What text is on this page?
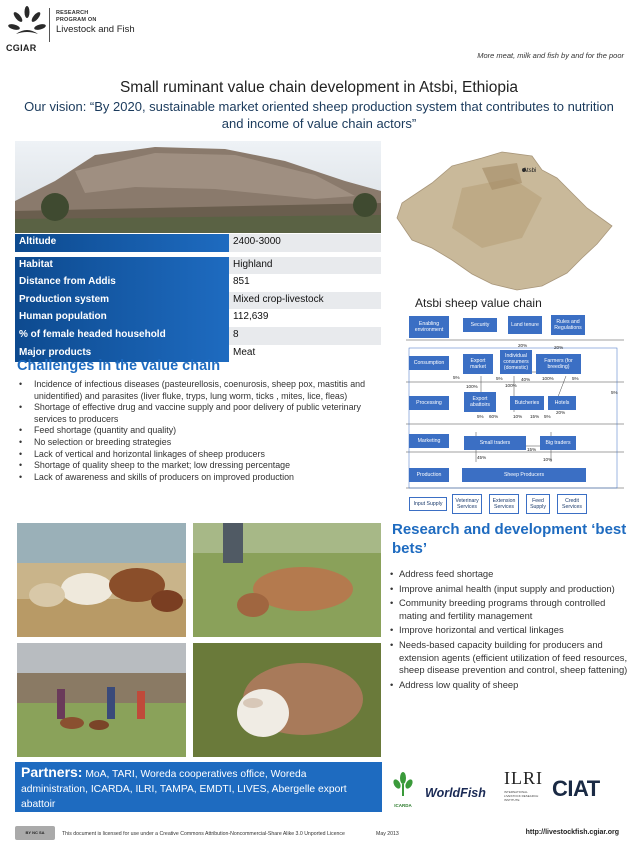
RESEARCH
PROGRAM ON
Livestock and Fish
CGIAR
More meat, milk and fish by and for the poor
Small ruminant value chain development in Atsbi, Ethiopia
Our vision: “By 2020, sustainable market oriented sheep production system that contributes to nutrition and income of value chain actors”
Altitude	2400-3000
Habitat	Highland
Distance from Addis	851
Production system	Mixed crop-livestock
Human population	112,639
% of female headed household	8
Major products	Meat
Challenges in the value chain
• Incidence of infectious diseases (pasteurellosis, coenurosis, sheep pox, mastitis and unidentified) and parasites (liver fluke, tryps, lung worm, ticks , mites, lice, fleas)
• Shortage of effective drug and vaccine supply and poor delivery of public veterinary services to producers
• Feed shortage (quantity and quality)
• No selection or breeding strategies
• Lack of vertical and horizontal linkages of sheep producers
• Shortage of quality sheep to the market; low dressing percentage
• Lack of awareness and skills of producers on improved production
Atsbi
Atsbi sheep value chain
Enabling environment
Security	Land tenure	Rules and Regulations
Consumption	Export market
Individual consumers (domestic)
Farmers (for breeding)
Processing
Export abattoirs	Butcheries	Hotels
Marketing	Small traders	Big traders
Production	Sheep Producers
Input Supply	Veterinary Services
Extension Services
Feed Supply
Credit Services
20%	20%
5%
100%
5%
100%
40%	100%	5%
5%
5% 60%	10% 15% 5%
20%
15%
45%	10%
Research and development ‘best bets’
• Address feed shortage
• Improve animal health (input supply and production)
• Community breeding programs through controlled mating and fertility management
• Improve horizontal and vertical linkages
• Needs-based capacity building for producers and extension agents (efficient utilization of feed resources, sheep disease prevention and control, sheep fattening)
• Address low quality of sheep
Partners: MoA, TARI, Woreda cooperatives office, Woreda administration, ICARDA, ILRI, TAMPA, EMDTI, LIVES, Abergelle export abattoir	ICARDA
WorldFish
ILRI
INTERNATIONAL LIVESTOCK RESEARCH INSTITUTE	CIAT
BY NC SA	This document is licensed for use under a Creative Commons Attribution-Noncommercial-Share Alike 3.0 Unported Licence	May 2013	http://livestockfish.cgiar.org
